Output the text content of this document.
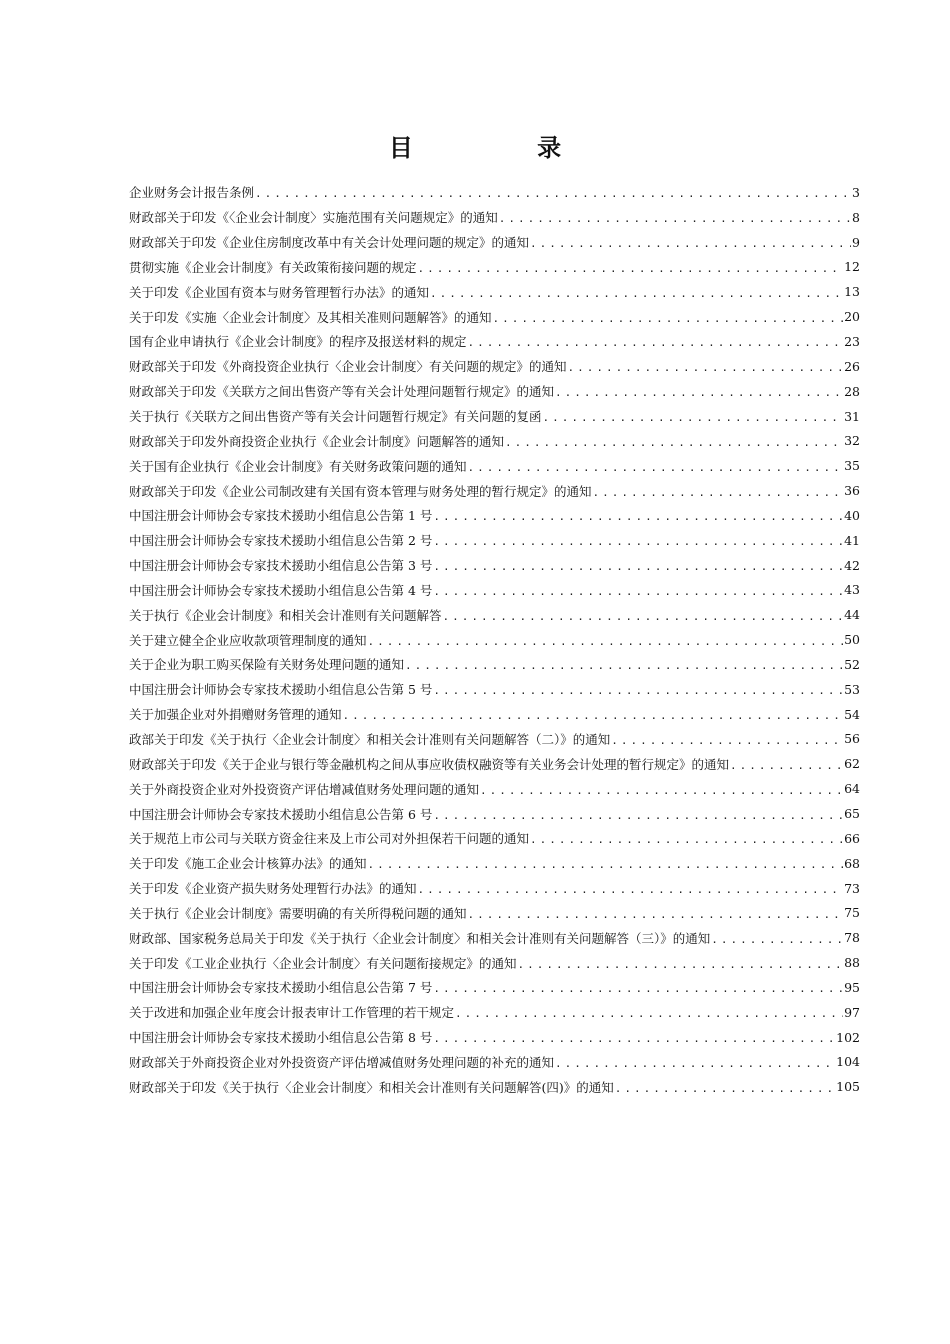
目 录
企业财务会计报告条例 .....	3
财政部关于印发《〈企业会计制度〉实施范围有关问题规定》的通知 .....	8
财政部关于印发《企业住房制度改革中有关会计处理问题的规定》的通知 .....	9
贯彻实施《企业会计制度》有关政策衔接问题的规定 .....	12
关于印发《企业国有资本与财务管理暂行办法》的通知 .....	13
关于印发《实施〈企业会计制度〉及其相关准则问题解答》的通知 .....	20
国有企业申请执行《企业会计制度》的程序及报送材料的规定 .....	23
财政部关于印发《外商投资企业执行〈企业会计制度〉有关问题的规定》的通知 .....	26
财政部关于印发《关联方之间出售资产等有关会计处理问题暂行规定》的通知 .....	28
关于执行《关联方之间出售资产等有关会计问题暂行规定》有关问题的复函 .....	31
财政部关于印发外商投资企业执行《企业会计制度》问题解答的通知 .....	32
关于国有企业执行《企业会计制度》有关财务政策问题的通知 .....	35
财政部关于印发《企业公司制改建有关国有资本管理与财务处理的暂行规定》的通知 .....	36
中国注册会计师协会专家技术援助小组信息公告第 1 号 .....	40
中国注册会计师协会专家技术援助小组信息公告第 2 号 .....	41
中国注册会计师协会专家技术援助小组信息公告第 3 号 .....	42
中国注册会计师协会专家技术援助小组信息公告第 4 号 .....	43
关于执行《企业会计制度》和相关会计准则有关问题解答 .....	44
关于建立健全企业应收款项管理制度的通知 .....	50
关于企业为职工购买保险有关财务处理问题的通知 .....	52
中国注册会计师协会专家技术援助小组信息公告第 5 号 .....	53
关于加强企业对外捐赠财务管理的通知 .....	54
政部关于印发《关于执行〈企业会计制度〉和相关会计准则有关问题解答（二）》的通知 .....	56
财政部关于印发《关于企业与银行等金融机构之间从事应收债权融资等有关业务会计处理的暂行规定》的通知 .....	62
关于外商投资企业对外投资资产评估增减值财务处理问题的通知 .....	64
中国注册会计师协会专家技术援助小组信息公告第 6 号 .....	65
关于规范上市公司与关联方资金往来及上市公司对外担保若干问题的通知 .....	66
关于印发《施工企业会计核算办法》的通知 .....	68
关于印发《企业资产损失财务处理暂行办法》的通知 .....	73
关于执行《企业会计制度》需要明确的有关所得税问题的通知 .....	75
财政部、国家税务总局关于印发《关于执行〈企业会计制度〉和相关会计准则有关问题解答（三）》的通知 .....	78
关于印发《工业企业执行〈企业会计制度〉有关问题衔接规定》的通知 .....	88
中国注册会计师协会专家技术援助小组信息公告第 7 号 .....	95
关于改进和加强企业年度会计报表审计工作管理的若干规定 .....	97
中国注册会计师协会专家技术援助小组信息公告第 8 号 .....	102
财政部关于外商投资企业对外投资资产评估增减值财务处理问题的补充的通知 .....	104
财政部关于印发《关于执行〈企业会计制度〉和相关会计准则有关问题解答(四)》的通知 .....	105
